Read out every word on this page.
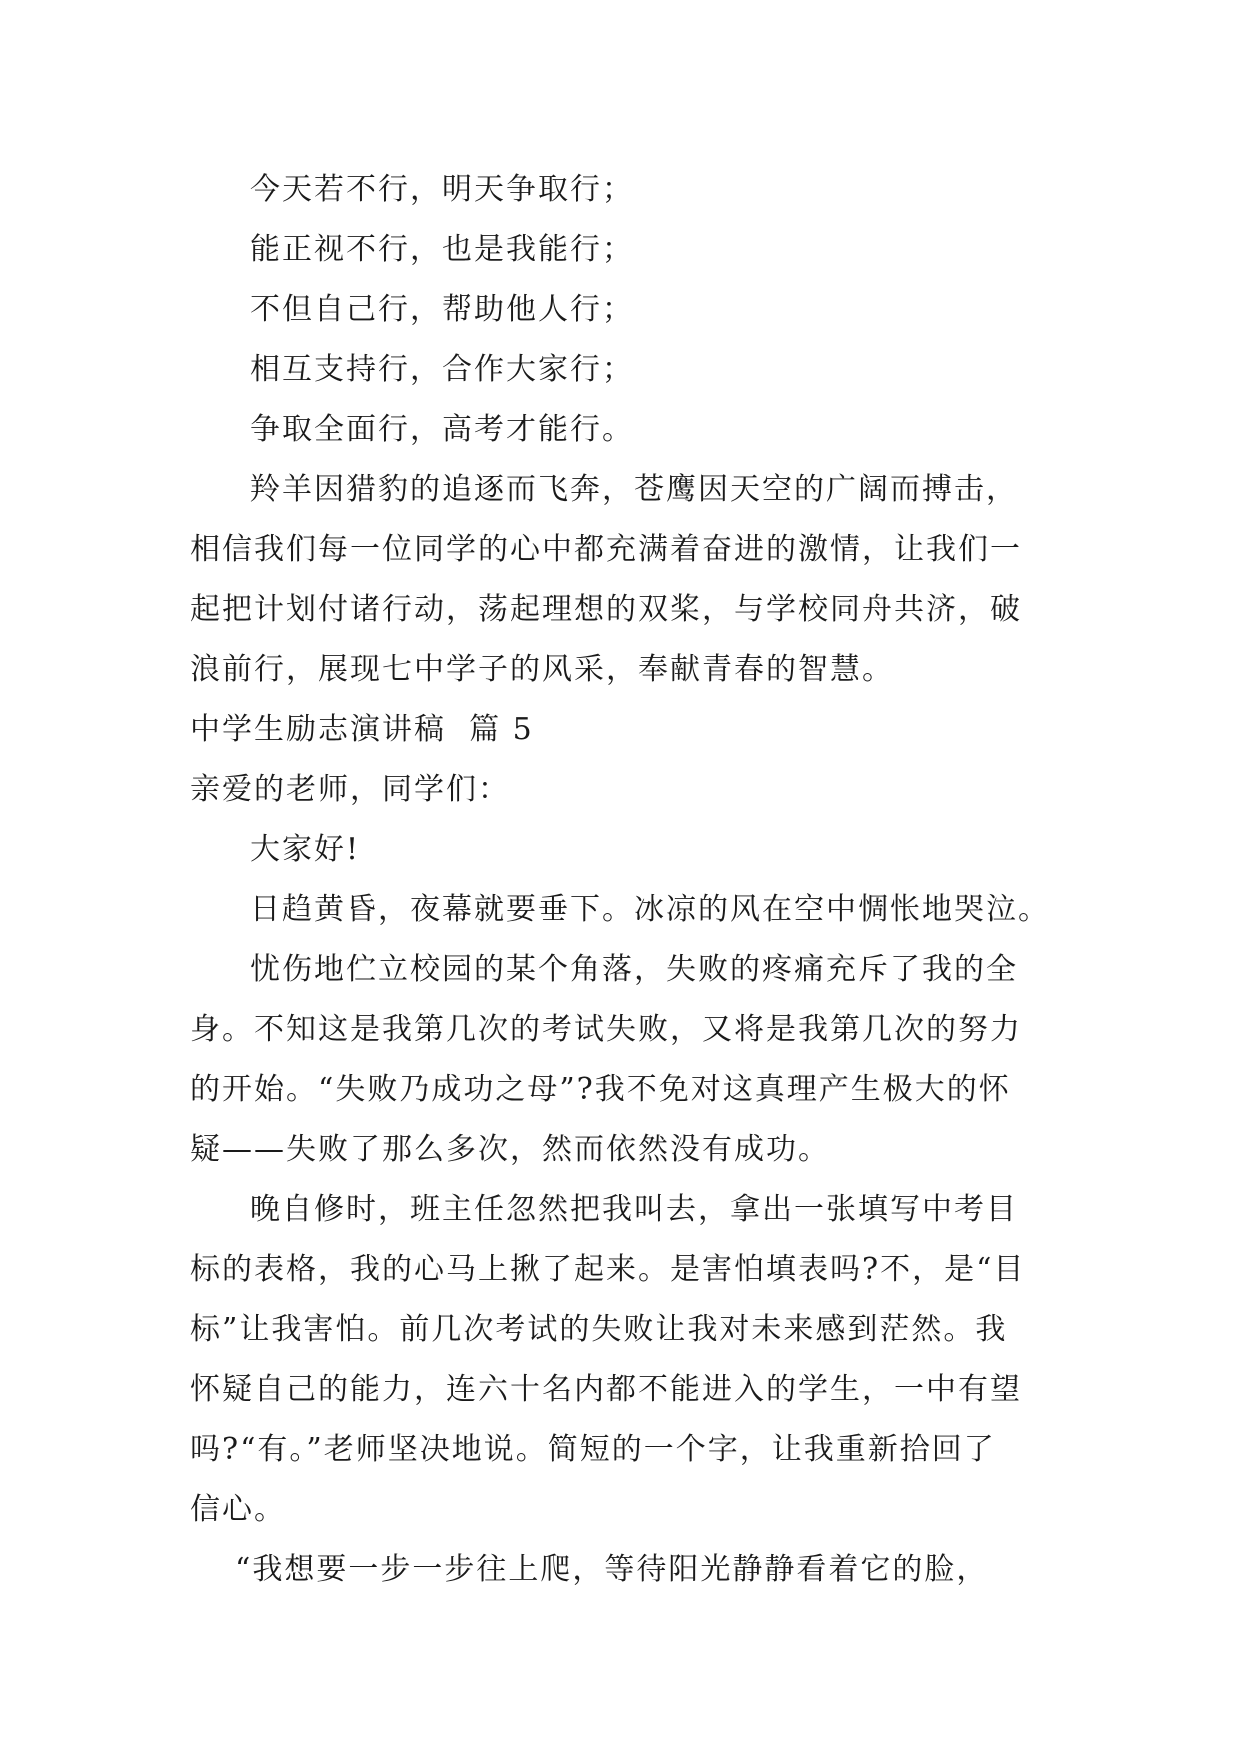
今天若不行，明天争取行；
能正视不行，也是我能行；
不但自己行，帮助他人行；
相互支持行，合作大家行；
争取全面行，高考才能行。
羚羊因猎豹的追逐而飞奔，苍鹰因天空的广阔而搏击，
相信我们每一位同学的心中都充满着奋进的激情，让我们一
起把计划付诸行动，荡起理想的双桨，与学校同舟共济，破
浪前行，展现七中学子的风采，奉献青春的智慧。
中学生励志演讲稿  篇 5
亲爱的老师，同学们：
大家好!
日趋黄昏，夜幕就要垂下。冰凉的风在空中惆怅地哭泣。
忧伤地伫立校园的某个角落，失败的疼痛充斥了我的全
身。不知这是我第几次的考试失败，又将是我第几次的努力
的开始。“失败乃成功之母”?我不免对这真理产生极大的怀
疑——失败了那么多次，然而依然没有成功。
晚自修时，班主任忽然把我叫去，拿出一张填写中考目
标的表格，我的心马上揪了起来。是害怕填表吗?不，是“目
标”让我害怕。前几次考试的失败让我对未来感到茫然。我
怀疑自己的能力，连六十名内都不能进入的学生，一中有望
吗?“有。”老师坚决地说。简短的一个字，让我重新拾回了
信心。
“我想要一步一步往上爬，等待阳光静静看着它的脸，
